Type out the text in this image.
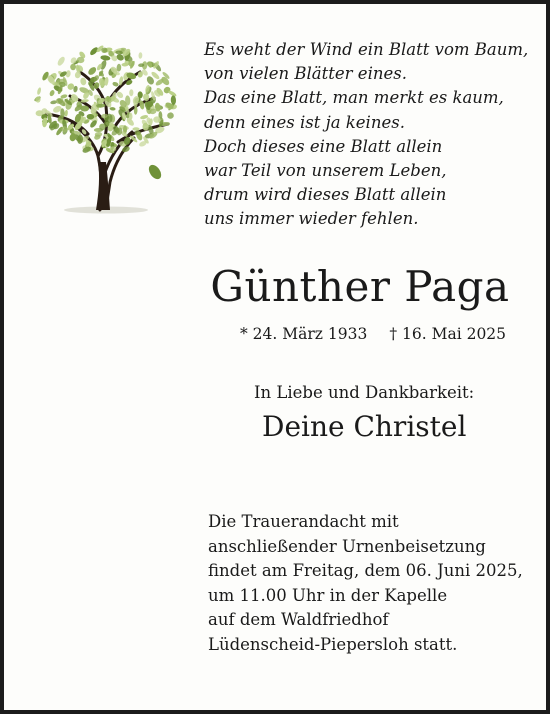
Es weht der Wind ein Blatt vom Baum,
von vielen Blätter eines.
Das eine Blatt, man merkt es kaum,
denn eines ist ja keines.
Doch dieses eine Blatt allein
war Teil von unserem Leben,
drum wird dieses Blatt allein
uns immer wieder fehlen.
Günther Paga
* 24. März 1933 † 16. Mai 2025
In Liebe und Dankbarkeit:
Deine Christel
Die Trauerandacht mit
anschließender Urnenbeisetzung
findet am Freitag, dem 06. Juni 2025,
um 11.00 Uhr in der Kapelle
auf dem Waldfriedhof
Lüdenscheid-Piepersloh statt.
